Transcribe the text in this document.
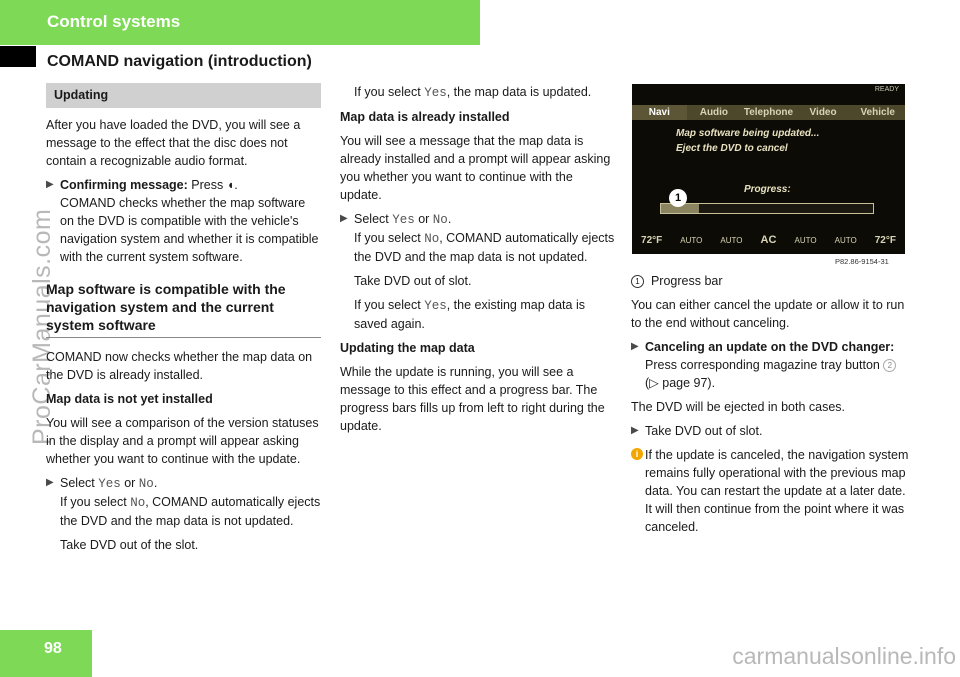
Control systems
COMAND navigation (introduction)
ProCarManuals.com
Updating

After you have loaded the DVD, you will see a message to the effect that the disc does not contain a recognizable audio format.

▶ Confirming message: Press ◖.
COMAND checks whether the map software on the DVD is compatible with the vehicle's navigation system and whether it is compatible with the current system software.
Map software is compatible with the navigation system and the current system software

COMAND now checks whether the map data on the DVD is already installed.

Map data is not yet installed

You will see a comparison of the version statuses in the display and a prompt will appear asking whether you want to continue with the update.

▶ Select Yes or No.
If you select No, COMAND automatically ejects the DVD and the map data is not updated.

Take DVD out of the slot.

If you select Yes, the map data is updated.

Map data is already installed

You will see a message that the map data is already installed and a prompt will appear asking you whether you want to continue with the update.

▶ Select Yes or No.
If you select No, COMAND automatically ejects the DVD and the map data is not updated.

Take DVD out of slot.

If you select Yes, the existing map data is saved again.

Updating the map data

While the update is running, you will see a message to this effect and a progress bar. The progress bars fills up from left to right during the update.

READY
Navi	Audio	Telephone	Video	Vehicle
Map software being updated...
Eject the DVD to cancel
Progress:
1
72°F AUTO AUTO AC AUTO AUTO 72°F
P82.86-9154-31

1 Progress bar

You can either cancel the update or allow it to run to the end without canceling.

▶ Canceling an update on the DVD changer: Press corresponding magazine tray button 2 (▷ page 97).

The DVD will be ejected in both cases.

▶ Take DVD out of slot.
i If the update is canceled, the navigation system remains fully operational with the previous map data. You can restart the update at a later date. It will then continue from the point where it was canceled.
98	carmanualsonline.info
